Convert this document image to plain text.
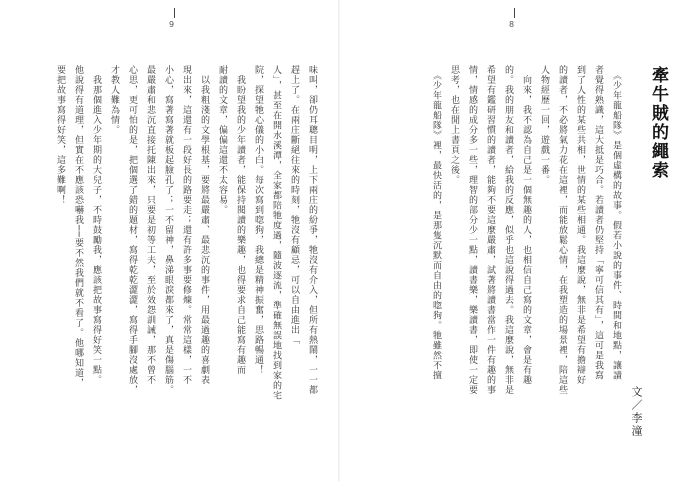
9
味叫，卻仍耳聰目明，上下兩庄的紛爭，牠沒有介入，但所有熱鬧，一一都
趕上了。在兩庄斷絕往來的時刻，牠沒有顧忌，可以自由進出「
人」，甚至在開水溪潭，全家都陪牠度過，隨波逐流，準確無誤地找到家的宅
院，探望牠心儀的小白。每次寫到唿狗，我總是精神振奮，思路暢通！
　我盼望我的少年讀者，能保持閱讀的樂趣，也得要求自己能寫有趣而
耐讀的文章，偏偏這還不太容易。
　以我粗淺的文學根基，要將最嚴肅、最悲沉的事件，用最過趣的喜劇表
現出來，這還有一段好長的路要走；還有許多事要修煉。常常這樣，一不
小心，寫著寫著就板起臉孔了；一不留神，鼻涕眼淚都來了，真是傷腦筋。
最嚴肅和悲沉直接托陳出來，只要是初等工夫，至於效怨訓誡，那不曾不
心思，更可怕的是，把個選了錯的題材，寫得乾乾澀澀，寫得手腳沒處放，
才教人難為情。
　我那個進入少年期的大兒子，不時鼓勵我，應該把故事寫得好笑一點。
他說得有道理，但實在不應該恐嚇我──要不然我們就不看了。他哪知道，
要把故事寫得好笑，這多難啊！
8
牽牛賊的繩索
文／李潼
　《少年龍船隊》是個虛構的故事。假若小說的事件、時間和地點，讓讀
者覺得熟識，這大抵是巧合。若讀者仍堅持「寧可信其有」，這可是我寫
到了人性的某些共相，世情的某些相通。我這麼說，無非是希望有擔辯好
的讀者，不必將氣力花在這裡，而能放鬆心情，在我塑造的場景裡，陪這些
人物經歷一回，遊戲一番。
　向來，我不認為自己是一個無趣的人，也相信自己寫的文章，會是有趣
的。我的朋友和讀者，給我的反應，似乎也這說得過去。我這麼說，無非是
希望有鑑研習慣的讀者，能夠不要這麼嚴肅，試著將讀書當作一件有趣的事
情，情感的成分多一些，理智的部分少一點，讀書樂，樂讀書，即使一定要
思考，也在閒上書頁之後。
　《少年龍船隊》裡，最快活的，是那隻沉默而自由的唿狗。牠雖然不擅
